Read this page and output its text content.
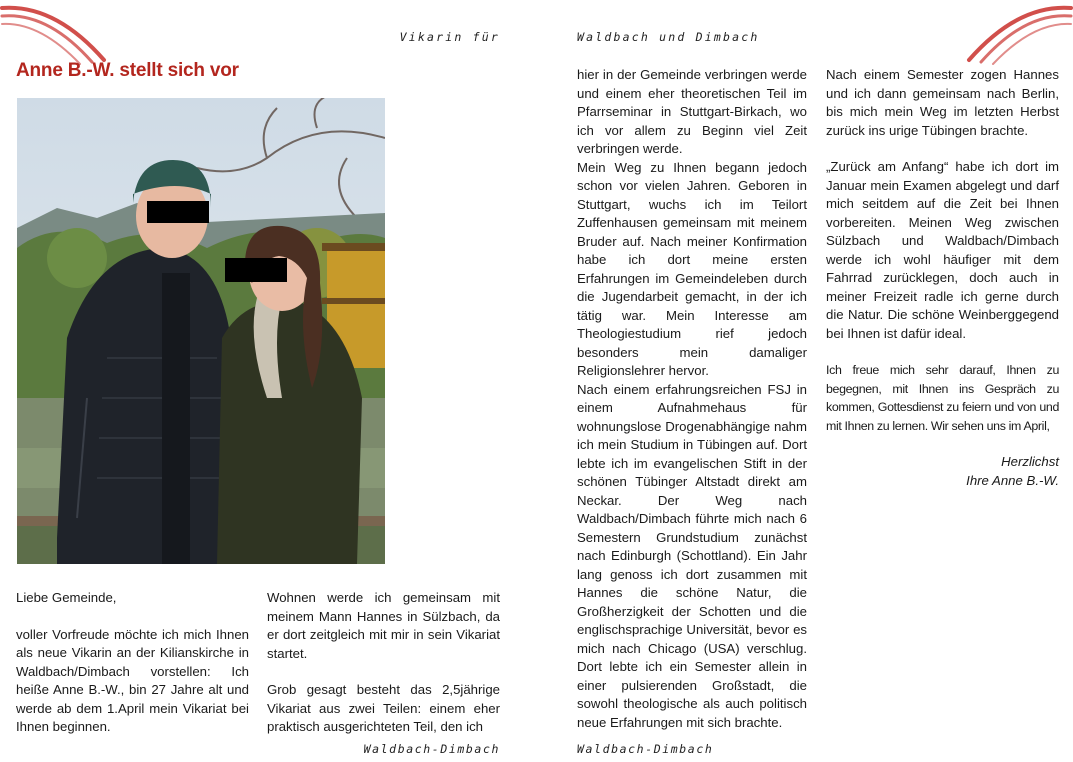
Vikarin für
Anne B.-W. stellt sich vor

Liebe Gemeinde,

voller Vorfreude möchte ich mich Ihnen als neue Vikarin an der Kilianskirche in Waldbach/Dimbach vorstellen: Ich heiße Anne B.-W., bin 27 Jahre alt und werde ab dem 1.April mein Vikariat bei Ihnen beginnen.

Wohnen werde ich gemeinsam mit meinem Mann Hannes in Sülzbach, da er dort zeitgleich mit mir in sein Vikariat startet.

Grob gesagt besteht das 2,5jährige Vikariat aus zwei Teilen: einem eher praktisch ausgerichteten Teil, den ich

Waldbach-Dimbach
Waldbach und Dimbach

hier in der Gemeinde verbringen werde und einem eher theoretischen Teil im Pfarrseminar in Stuttgart-Birkach, wo ich vor allem zu Beginn viel Zeit verbringen werde.

Mein Weg zu Ihnen begann jedoch schon vor vielen Jahren. Geboren in Stuttgart, wuchs ich im Teilort Zuffenhausen gemeinsam mit meinem Bruder auf. Nach meiner Konfirmation habe ich dort meine ersten Erfahrungen im Gemeindeleben durch die Jugendarbeit gemacht, in der ich tätig war. Mein Interesse am Theologiestudium rief jedoch besonders mein damaliger Religionslehrer hervor.

Nach einem erfahrungsreichen FSJ in einem Aufnahmehaus für wohnungslose Drogenabhängige nahm ich mein Studium in Tübingen auf. Dort lebte ich im evangelischen Stift in der schönen Tübinger Altstadt direkt am Neckar. Der Weg nach Waldbach/Dimbach führte mich nach 6 Semestern Grundstudium zunächst nach Edinburgh (Schottland). Ein Jahr lang genoss ich dort zusammen mit Hannes die schöne Natur, die Großherzigkeit der Schotten und die englischsprachige Universität, bevor es mich nach Chicago (USA) verschlug. Dort lebte ich ein Semester allein in einer pulsierenden Großstadt, die sowohl theologische als auch politisch neue Erfahrungen mit sich brachte.

Nach einem Semester zogen Hannes und ich dann gemeinsam nach Berlin, bis mich mein Weg im letzten Herbst zurück ins urige Tübingen brachte.

„Zurück am Anfang“ habe ich dort im Januar mein Examen abgelegt und darf mich seitdem auf die Zeit bei Ihnen vorbereiten. Meinen Weg zwischen Sülzbach und Waldbach/Dimbach werde ich wohl häufiger mit dem Fahrrad zurücklegen, doch auch in meiner Freizeit radle ich gerne durch die Natur. Die schöne Weinberggegend bei Ihnen ist dafür ideal.

Ich freue mich sehr darauf, Ihnen zu begegnen, mit Ihnen ins Gespräch zu kommen, Gottesdienst zu feiern und von und mit Ihnen zu lernen. Wir sehen uns im April,

Herzlichst

Ihre Anne B.-W.

Waldbach-Dimbach
